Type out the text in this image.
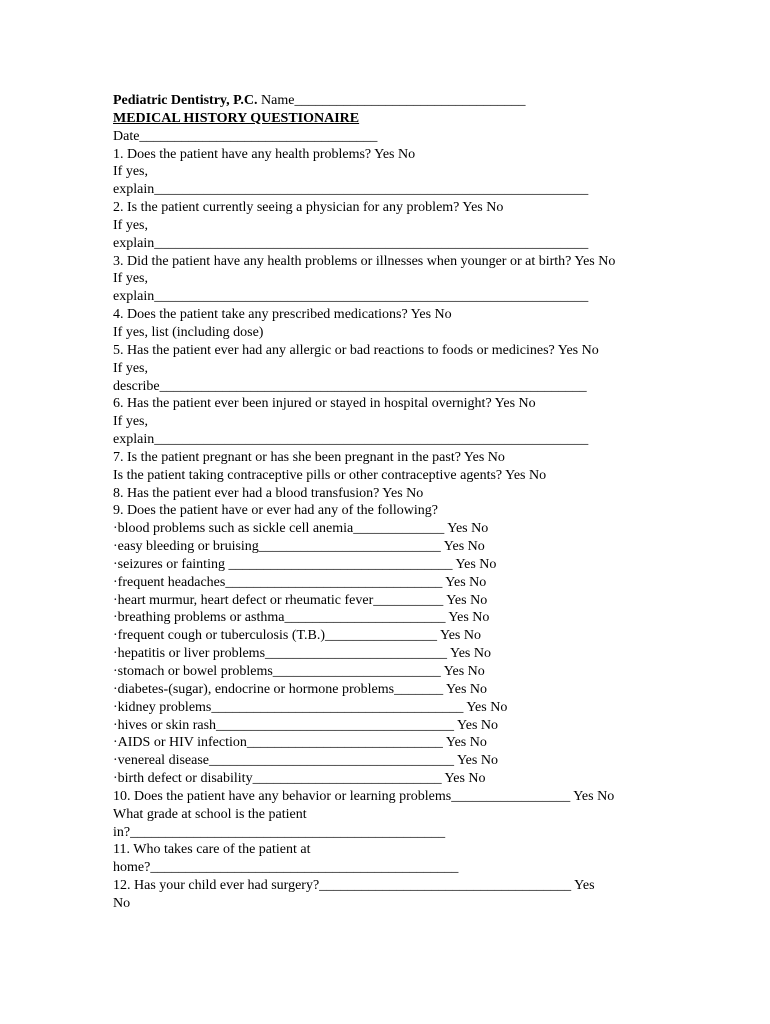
Pediatric Dentistry, P.C. Name_________________________________
MEDICAL HISTORY QUESTIONAIRE
Date__________________________________
1. Does the patient have any health problems? Yes No
If yes,
explain______________________________________________________________
2. Is the patient currently seeing a physician for any problem? Yes No
If yes,
explain______________________________________________________________
3. Did the patient have any health problems or illnesses when younger or at birth? Yes No
If yes,
explain______________________________________________________________
4. Does the patient take any prescribed medications? Yes No
If yes, list (including dose)
5. Has the patient ever had any allergic or bad reactions to foods or medicines? Yes No
If yes,
describe_____________________________________________________________
6. Has the patient ever been injured or stayed in hospital overnight? Yes No
If yes,
explain______________________________________________________________
7. Is the patient pregnant or has she been pregnant in the past? Yes No
Is the patient taking contraceptive pills or other contraceptive agents? Yes No
8. Has the patient ever had a blood transfusion? Yes No
9. Does the patient have or ever had any of the following?
·blood problems such as sickle cell anemia_____________ Yes No
·easy bleeding or bruising__________________________ Yes No
·seizures or fainting ________________________________ Yes No
·frequent headaches_______________________________ Yes No
·heart murmur, heart defect or rheumatic fever__________ Yes No
·breathing problems or asthma_______________________ Yes No
·frequent cough or tuberculosis (T.B.)________________ Yes No
·hepatitis or liver problems__________________________ Yes No
·stomach or bowel problems________________________ Yes No
·diabetes-(sugar), endocrine or hormone problems_______ Yes No
·kidney problems____________________________________ Yes No
·hives or skin rash__________________________________ Yes No
·AIDS or HIV infection____________________________ Yes No
·venereal disease___________________________________ Yes No
·birth defect or disability___________________________ Yes No
10. Does the patient have any behavior or learning problems_________________ Yes No
What grade at school is the patient
in?_____________________________________________
11. Who takes care of the patient at
home?____________________________________________
12. Has your child ever had surgery?____________________________________ Yes
No
